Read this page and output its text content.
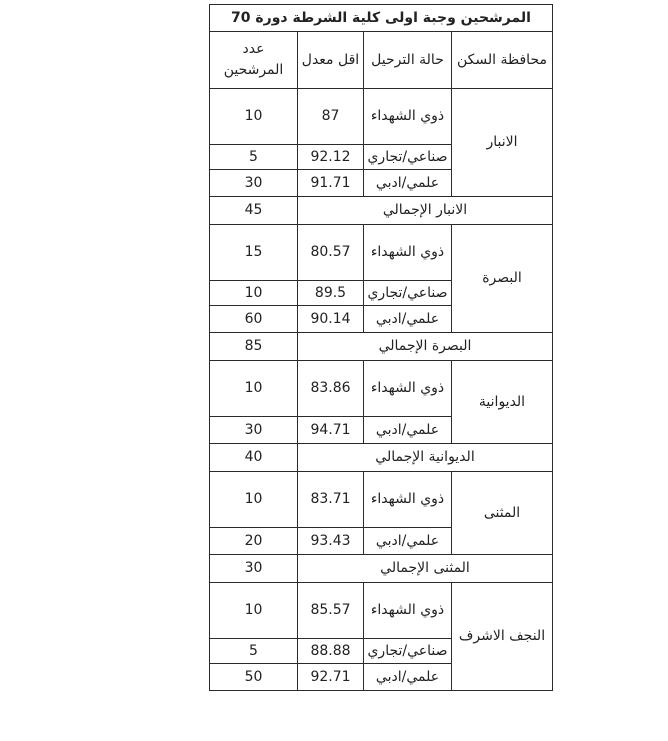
المرشحين وجبة اولى كلية الشرطة دورة 70			
محافظة السكن	حالة الترحيل	اقل معدل	عدد المرشحين
الانبار	ذوي الشهداء	87	10
	صناعي/تجاري	92.12	5
	علمي/ادبي	91.71	30
الانبار الإجمالي			45
البصرة	ذوي الشهداء	80.57	15
	صناعي/تجاري	89.5	10
	علمي/ادبي	90.14	60
البصرة الإجمالي			85
الديوانية	ذوي الشهداء	83.86	10
	علمي/ادبي	94.71	30
الديوانية الإجمالي			40
المثنى	ذوي الشهداء	83.71	10
	علمي/ادبي	93.43	20
المثنى الإجمالي			30
النجف الاشرف	ذوي الشهداء	85.57	10
	صناعي/تجاري	88.88	5
	علمي/ادبي	92.71	50
